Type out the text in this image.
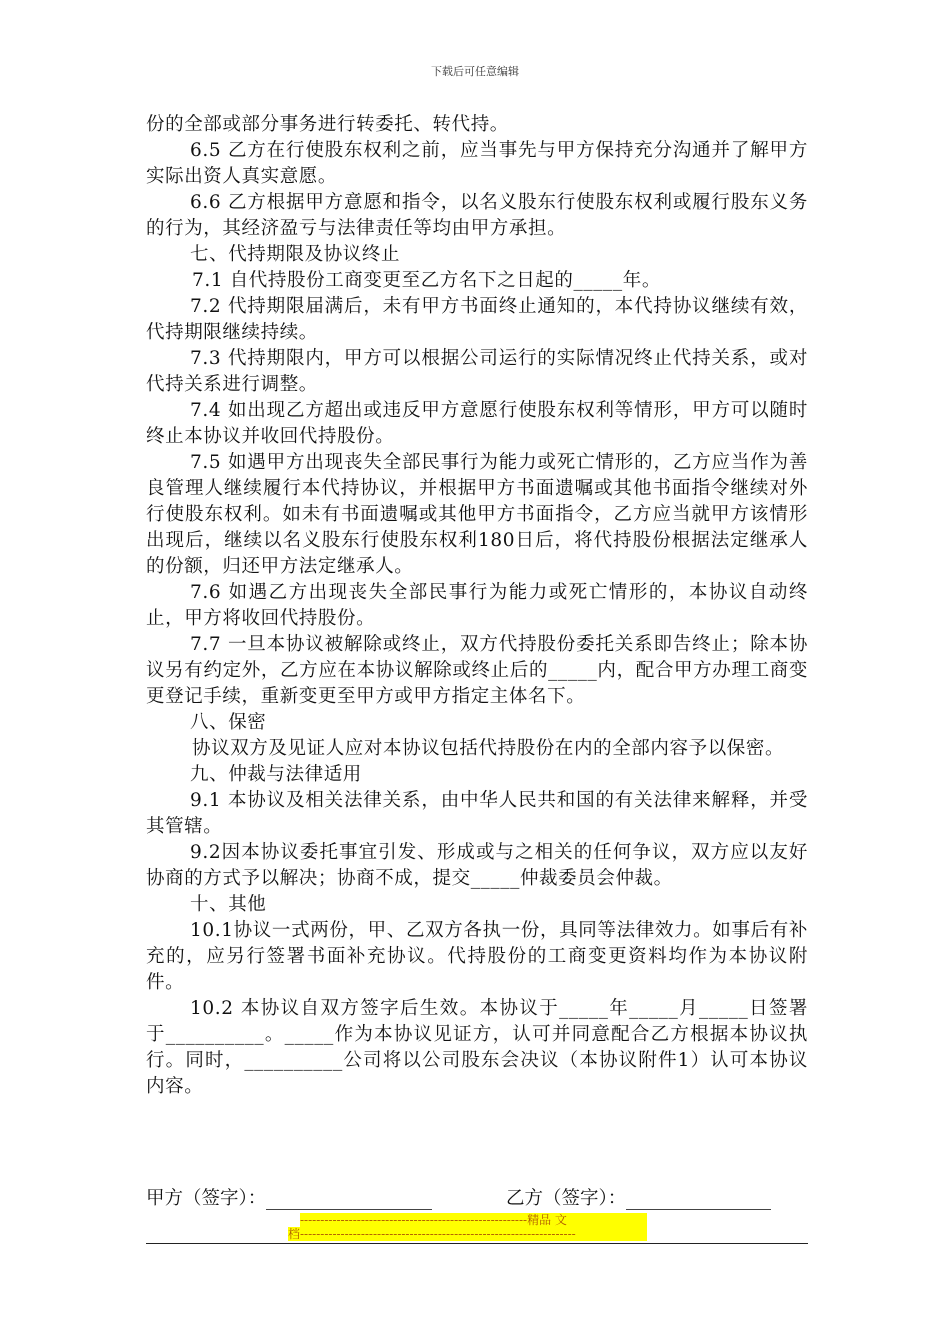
下载后可任意编辑

份的全部或部分事务进行转委托、转代持。

6.5 乙方在行使股东权利之前，应当事先与甲方保持充分沟通并了解甲方实际出资人真实意愿。

6.6 乙方根据甲方意愿和指令，以名义股东行使股东权利或履行股东义务的行为，其经济盈亏与法律责任等均由甲方承担。

七、代持期限及协议终止

7.1 自代持股份工商变更至乙方名下之日起的_____年。

7.2 代持期限届满后，未有甲方书面终止通知的，本代持协议继续有效，代持期限继续持续。

7.3 代持期限内，甲方可以根据公司运行的实际情况终止代持关系，或对代持关系进行调整。

7.4 如出现乙方超出或违反甲方意愿行使股东权利等情形，甲方可以随时终止本协议并收回代持股份。

7.5 如遇甲方出现丧失全部民事行为能力或死亡情形的，乙方应当作为善良管理人继续履行本代持协议，并根据甲方书面遗嘱或其他书面指令继续对外行使股东权利。如未有书面遗嘱或其他甲方书面指令，乙方应当就甲方该情形出现后，继续以名义股东行使股东权利180日后，将代持股份根据法定继承人的份额，归还甲方法定继承人。

7.6 如遇乙方出现丧失全部民事行为能力或死亡情形的，本协议自动终止，甲方将收回代持股份。

7.7 一旦本协议被解除或终止，双方代持股份委托关系即告终止；除本协议另有约定外，乙方应在本协议解除或终止后的_____内，配合甲方办理工商变更登记手续，重新变更至甲方或甲方指定主体名下。

八、保密

协议双方及见证人应对本协议包括代持股份在内的全部内容予以保密。

九、仲裁与法律适用

9.1 本协议及相关法律关系，由中华人民共和国的有关法律来解释，并受其管辖。

9.2因本协议委托事宜引发、形成或与之相关的任何争议，双方应以友好协商的方式予以解决；协商不成，提交_____仲裁委员会仲裁。

十、其他

10.1协议一式两份，甲、乙双方各执一份，具同等法律效力。如事后有补充的，应另行签署书面补充协议。代持股份的工商变更资料均作为本协议附件。

10.2 本协议自双方签字后生效。本协议于_____年_____月_____日签署于__________。_____作为本协议见证方，认可并同意配合乙方根据本协议执行。同时，__________公司将以公司股东会决议（本协议附件1）认可本协议内容。

甲方（签字）：	乙方（签字）：
--------------------------------------------------------精品 文
档--------------------------------------------------------------------
